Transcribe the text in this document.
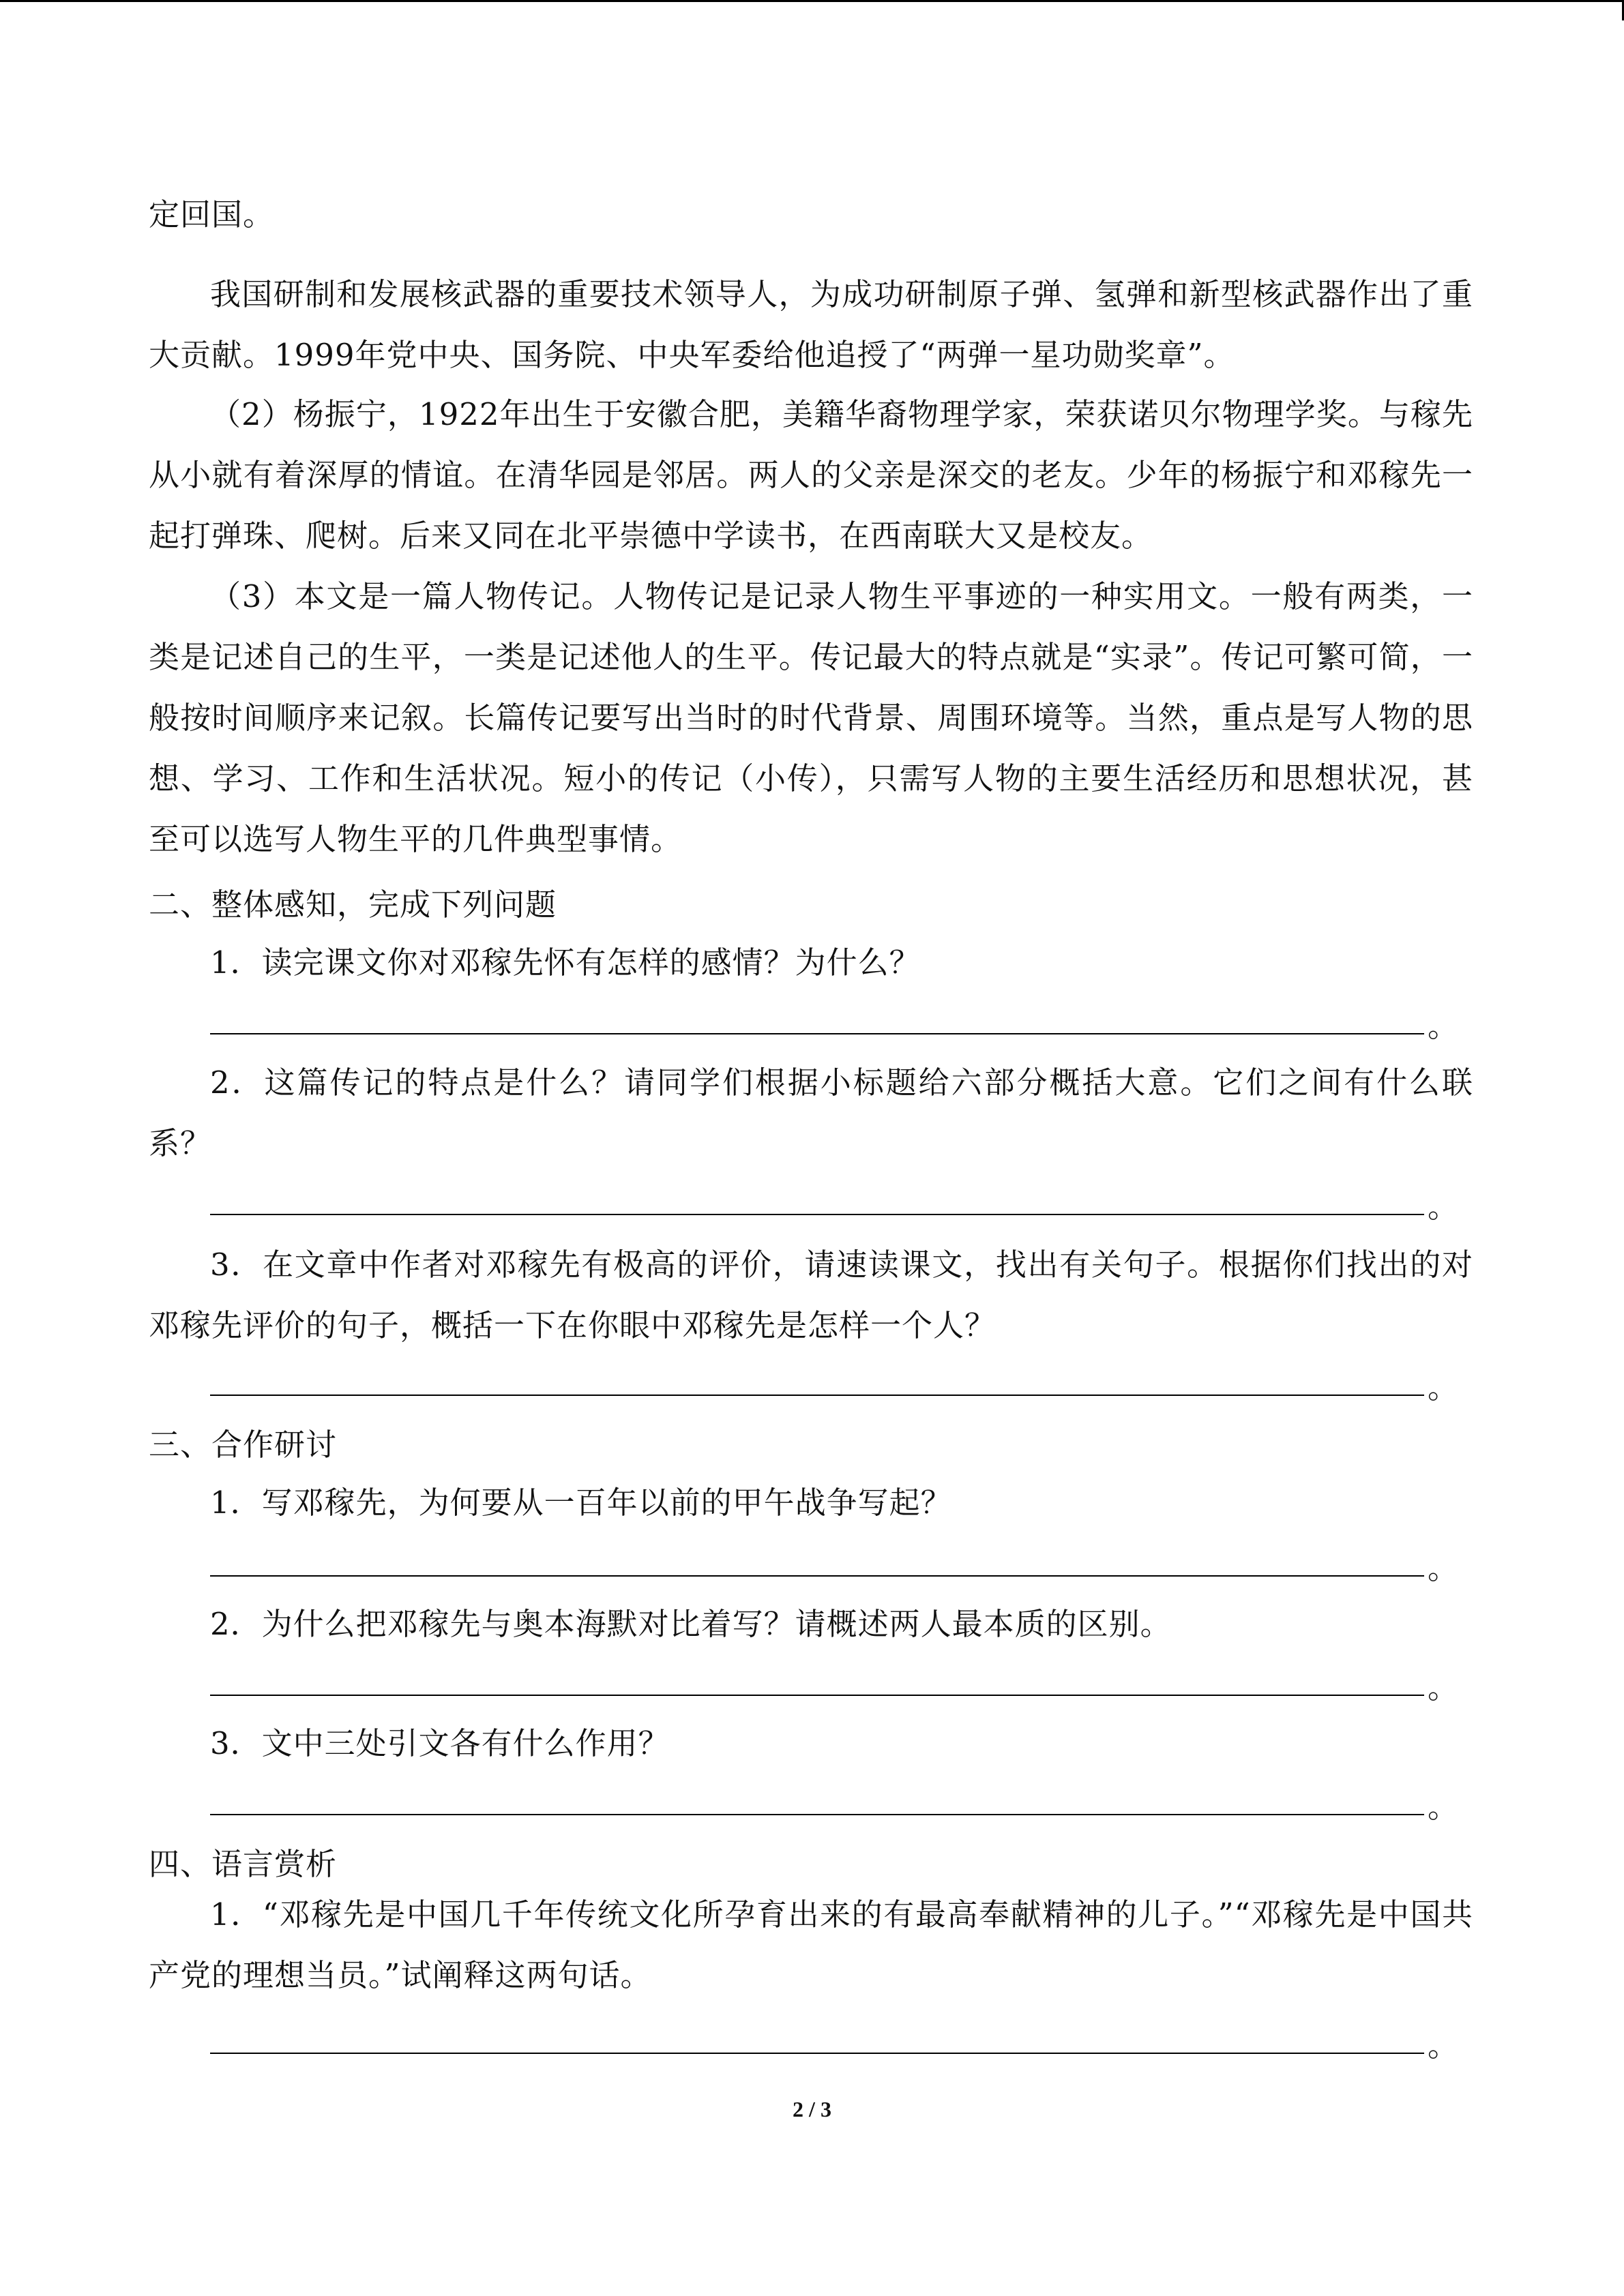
定回国。
我国研制和发展核武器的重要技术领导人，为成功研制原子弹、氢弹和新型核武器作出了重大贡献。1999年党中央、国务院、中央军委给他追授了“两弹一星功勋奖章”。
（2）杨振宁，1922年出生于安徽合肥，美籍华裔物理学家，荣获诺贝尔物理学奖。与稼先从小就有着深厚的情谊。在清华园是邻居。两人的父亲是深交的老友。少年的杨振宁和邓稼先一起打弹珠、爬树。后来又同在北平崇德中学读书，在西南联大又是校友。
（3）本文是一篇人物传记。人物传记是记录人物生平事迹的一种实用文。一般有两类，一类是记述自己的生平，一类是记述他人的生平。传记最大的特点就是“实录”。传记可繁可简，一般按时间顺序来记叙。长篇传记要写出当时的时代背景、周围环境等。当然，重点是写人物的思想、学习、工作和生活状况。短小的传记（小传），只需写人物的主要生活经历和思想状况，甚至可以选写人物生平的几件典型事情。
二、整体感知，完成下列问题
1．读完课文你对邓稼先怀有怎样的感情？为什么？
。
2．这篇传记的特点是什么？请同学们根据小标题给六部分概括大意。它们之间有什么联系？
。
3．在文章中作者对邓稼先有极高的评价，请速读课文，找出有关句子。根据你们找出的对邓稼先评价的句子，概括一下在你眼中邓稼先是怎样一个人？
。
三、合作研讨
1．写邓稼先，为何要从一百年以前的甲午战争写起？
。
2．为什么把邓稼先与奥本海默对比着写？请概述两人最本质的区别。
。
3．文中三处引文各有什么作用？
。
四、语言赏析
1．“邓稼先是中国几千年传统文化所孕育出来的有最高奉献精神的儿子。”“邓稼先是中国共产党的理想当员。”试阐释这两句话。
。
2 / 3
